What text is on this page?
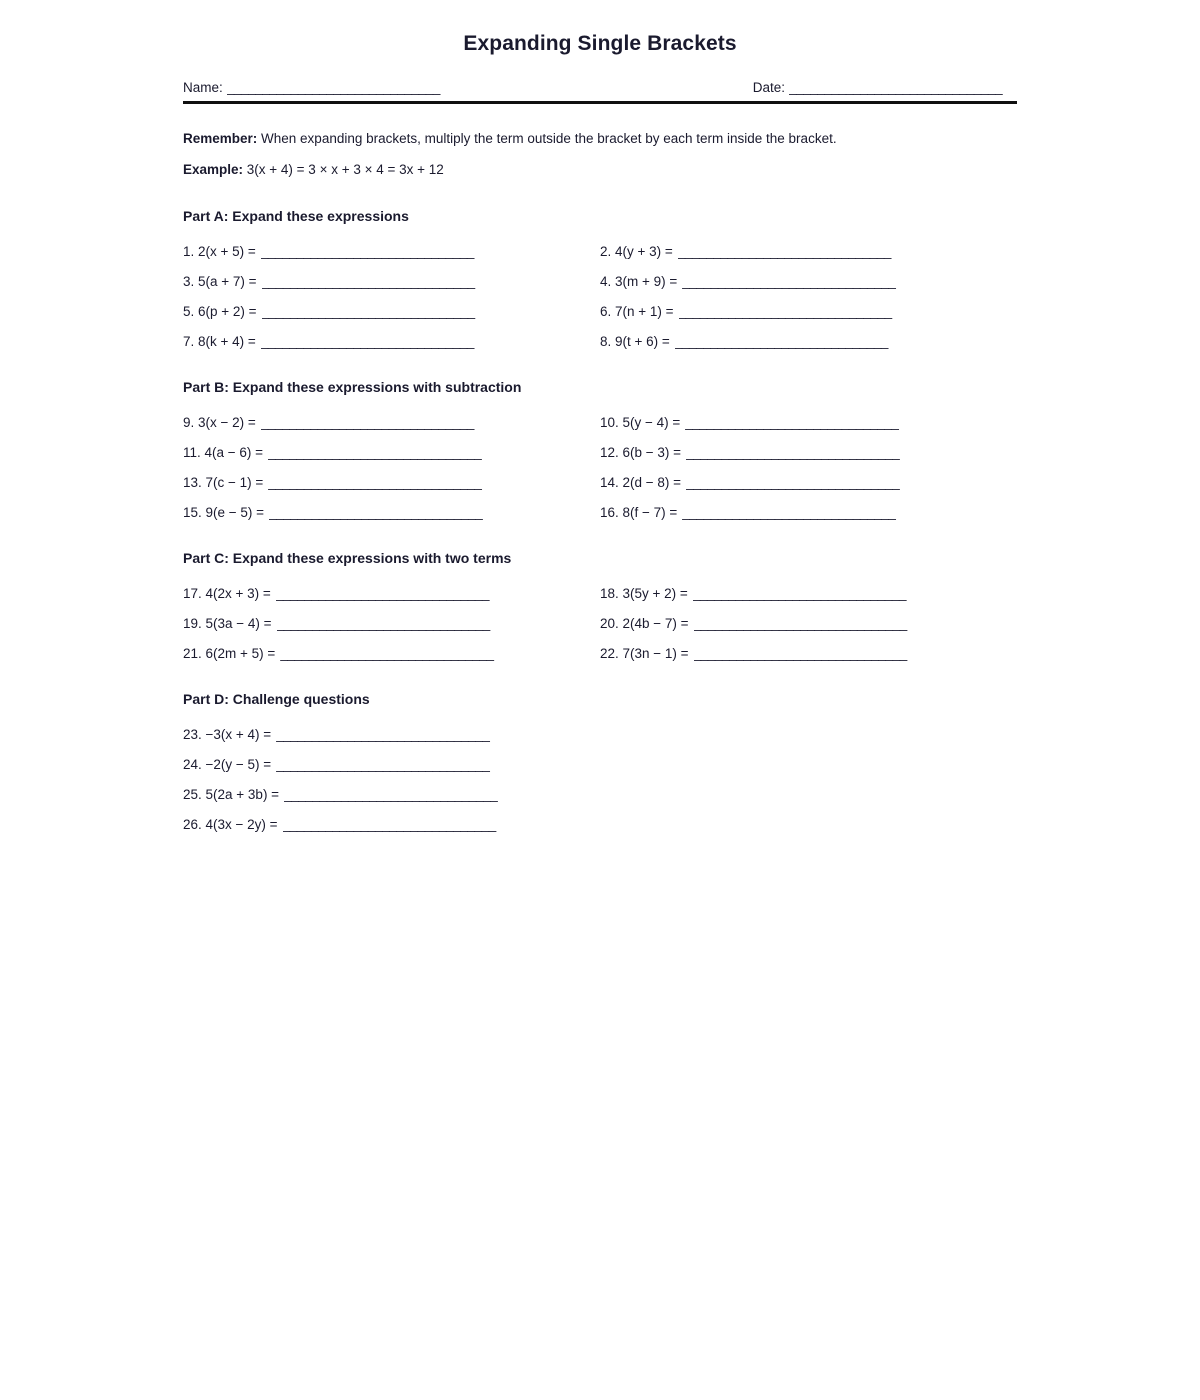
Expanding Single Brackets
Name: ______________________________	Date: ______________________________
Remember: When expanding brackets, multiply the term outside the bracket by each term inside the bracket.
Example: 3(x + 4) = 3 × x + 3 × 4 = 3x + 12
Part A: Expand these expressions
1. 2(x + 5) = ______________________________	2. 4(y + 3) = ______________________________
3. 5(a + 7) = ______________________________	4. 3(m + 9) = ______________________________
5. 6(p + 2) = ______________________________	6. 7(n + 1) = ______________________________
7. 8(k + 4) = ______________________________	8. 9(t + 6) = ______________________________
Part B: Expand these expressions with subtraction
9. 3(x − 2) = ______________________________	10. 5(y − 4) = ______________________________
11. 4(a − 6) = ______________________________	12. 6(b − 3) = ______________________________
13. 7(c − 1) = ______________________________	14. 2(d − 8) = ______________________________
15. 9(e − 5) = ______________________________	16. 8(f − 7) = ______________________________
Part C: Expand these expressions with two terms
17. 4(2x + 3) = ______________________________	18. 3(5y + 2) = ______________________________
19. 5(3a − 4) = ______________________________	20. 2(4b − 7) = ______________________________
21. 6(2m + 5) = ______________________________	22. 7(3n − 1) = ______________________________
Part D: Challenge questions
23. −3(x + 4) = ______________________________
24. −2(y − 5) = ______________________________
25. 5(2a + 3b) = ______________________________
26. 4(3x − 2y) = ______________________________
